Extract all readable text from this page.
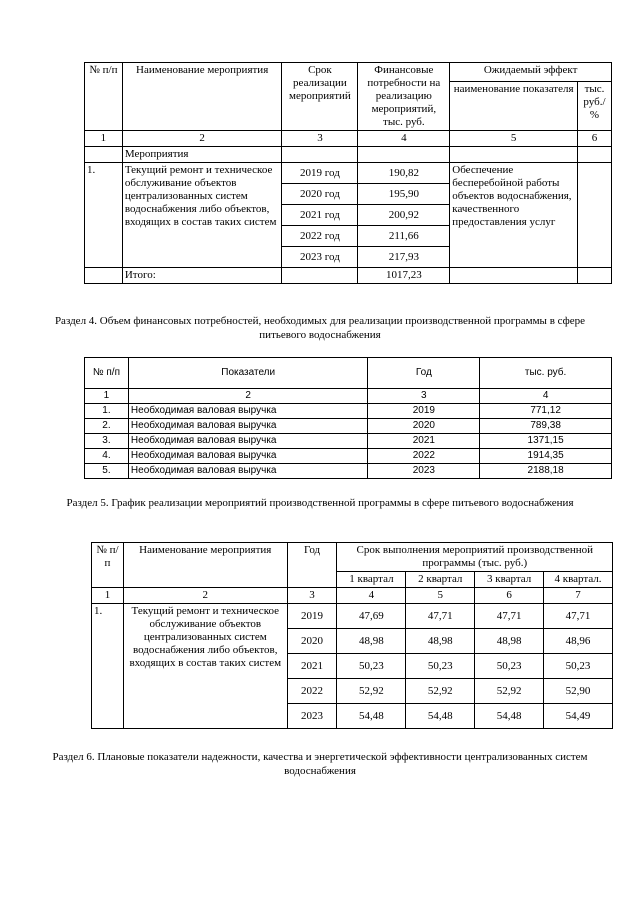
№ п/п	Наименование мероприятия	Срок реализации мероприятий	Финансовые потребности на реализацию мероприятий, тыс. руб.	Ожидаемый эффект	
				наименование показателя	тыс. руб./ %
1	2	3	4	5	6
	Мероприятия				
1.	Текущий ремонт и техническое обслуживание объектов централизованных систем водоснабжения либо объектов, входящих в состав таких систем	2019 год	190,82	Обеспечение бесперебойной работы объектов водоснабжения, качественного предоставления услуг	
		2020 год	195,90		
		2021 год	200,92		
		2022 год	211,66		
		2023 год	217,93		
	Итого:		1017,23		
Раздел 4. Объем финансовых потребностей, необходимых для реализации производственной программы в сфере питьевого водоснабжения
№ п/п	Показатели	Год	тыс. руб.
1	2	3	4
1.	Необходимая валовая выручка	2019	771,12
2.	Необходимая валовая выручка	2020	789,38
3.	Необходимая валовая выручка	2021	1371,15
4.	Необходимая валовая выручка	2022	1914,35
5.	Необходимая валовая выручка	2023	2188,18
Раздел 5. График реализации мероприятий производственной программы в сфере питьевого водоснабжения
№ п/п	Наименование мероприятия	Год	Срок выполнения мероприятий производственной программы (тыс. руб.)			
			1 квартал	2 квартал	3 квартал	4 квартал.
1	2	3	4	5	6	7
1.	Текущий ремонт и техническое обслуживание объектов централизованных систем водоснабжения либо объектов, входящих в состав таких систем	2019	47,69	47,71	47,71	47,71
		2020	48,98	48,98	48,98	48,96
		2021	50,23	50,23	50,23	50,23
		2022	52,92	52,92	52,92	52,90
		2023	54,48	54,48	54,48	54,49
Раздел 6. Плановые показатели надежности, качества и энергетической эффективности централизованных систем водоснабжения
